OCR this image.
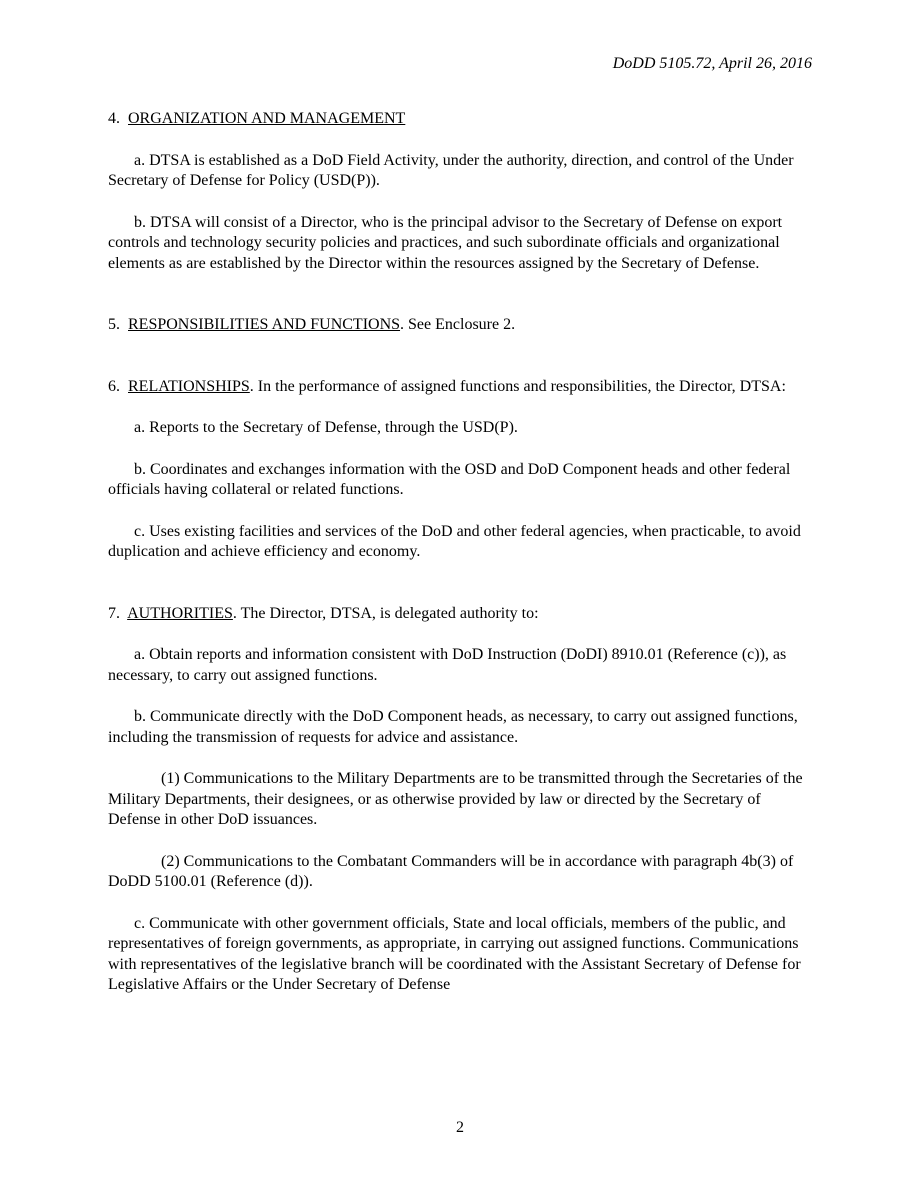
DoDD 5105.72, April 26, 2016

4. ORGANIZATION AND MANAGEMENT

a. DTSA is established as a DoD Field Activity, under the authority, direction, and control of the Under Secretary of Defense for Policy (USD(P)).

b. DTSA will consist of a Director, who is the principal advisor to the Secretary of Defense on export controls and technology security policies and practices, and such subordinate officials and organizational elements as are established by the Director within the resources assigned by the Secretary of Defense.

5. RESPONSIBILITIES AND FUNCTIONS. See Enclosure 2.

6. RELATIONSHIPS. In the performance of assigned functions and responsibilities, the Director, DTSA:

a. Reports to the Secretary of Defense, through the USD(P).

b. Coordinates and exchanges information with the OSD and DoD Component heads and other federal officials having collateral or related functions.

c. Uses existing facilities and services of the DoD and other federal agencies, when practicable, to avoid duplication and achieve efficiency and economy.

7. AUTHORITIES. The Director, DTSA, is delegated authority to:

a. Obtain reports and information consistent with DoD Instruction (DoDI) 8910.01 (Reference (c)), as necessary, to carry out assigned functions.

b. Communicate directly with the DoD Component heads, as necessary, to carry out assigned functions, including the transmission of requests for advice and assistance.

(1) Communications to the Military Departments are to be transmitted through the Secretaries of the Military Departments, their designees, or as otherwise provided by law or directed by the Secretary of Defense in other DoD issuances.

(2) Communications to the Combatant Commanders will be in accordance with paragraph 4b(3) of DoDD 5100.01 (Reference (d)).

c. Communicate with other government officials, State and local officials, members of the public, and representatives of foreign governments, as appropriate, in carrying out assigned functions. Communications with representatives of the legislative branch will be coordinated with the Assistant Secretary of Defense for Legislative Affairs or the Under Secretary of Defense

2
